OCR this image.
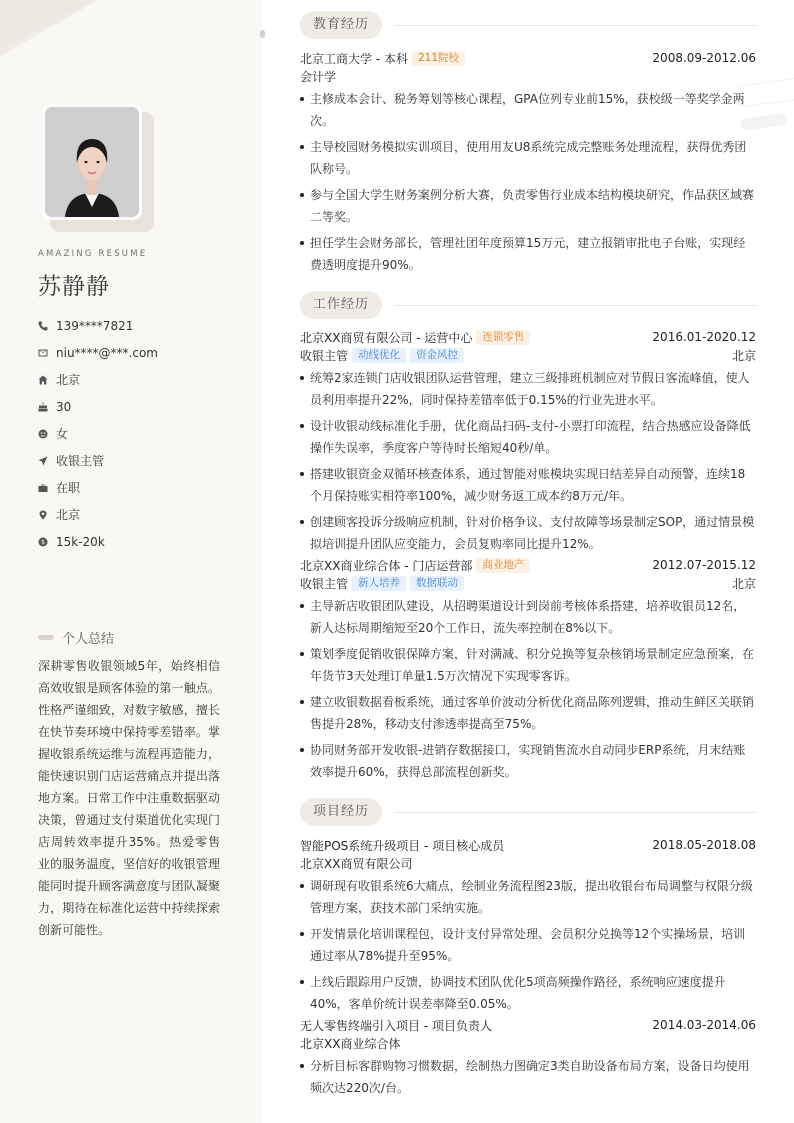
AMAZING RESUME
苏静静
139****7821
niu****@***.com
北京
30
女
收银主管
在职
北京
$ 15k-20k
个人总结
深耕零售收银领域5年，始终相信高效收银是顾客体验的第一触点。性格严谨细致，对数字敏感，擅长在快节奏环境中保持零差错率。掌握收银系统运维与流程再造能力，能快速识别门店运营痛点并提出落地方案。日常工作中注重数据驱动决策，曾通过支付渠道优化实现门店周转效率提升35%。热爱零售业的服务温度，坚信好的收银管理能同时提升顾客满意度与团队凝聚力，期待在标准化运营中持续探索创新可能性。
教育经历
北京工商大学 - 本科 211院校	2008.09-2012.06
会计学
主修成本会计、税务筹划等核心课程，GPA位列专业前15%，获校级一等奖学金两次。
主导校园财务模拟实训项目，使用用友U8系统完成完整账务处理流程，获得优秀团队称号。
参与全国大学生财务案例分析大赛，负责零售行业成本结构模块研究，作品获区域赛二等奖。
担任学生会财务部长，管理社团年度预算15万元，建立报销审批电子台账，实现经费透明度提升90%。
工作经历
北京XX商贸有限公司 - 运营中心 连锁零售	2016.01-2020.12
收银主管 动线优化	资金风控	北京
统筹2家连锁门店收银团队运营管理，建立三级排班机制应对节假日客流峰值，使人员利用率提升22%，同时保持差错率低于0.15%的行业先进水平。
设计收银动线标准化手册，优化商品扫码-支付-小票打印流程，结合热感应设备降低操作失误率，季度客户等待时长缩短40秒/单。
搭建收银资金双循环核查体系，通过智能对账模块实现日结差异自动预警，连续18个月保持账实相符率100%，减少财务返工成本约8万元/年。
创建顾客投诉分级响应机制，针对价格争议、支付故障等场景制定SOP，通过情景模拟培训提升团队应变能力，会员复购率同比提升12%。
北京XX商业综合体 - 门店运营部 商业地产	2012.07-2015.12
收银主管 新人培养	数据联动	北京
主导新店收银团队建设，从招聘渠道设计到岗前考核体系搭建，培养收银员12名，新人达标周期缩短至20个工作日，流失率控制在8%以下。
策划季度促销收银保障方案，针对满减、积分兑换等复杂核销场景制定应急预案，在年货节3天处理订单量1.5万次情况下实现零客诉。
建立收银数据看板系统，通过客单价波动分析优化商品陈列逻辑，推动生鲜区关联销售提升28%，移动支付渗透率提高至75%。
协同财务部开发收银-进销存数据接口，实现销售流水自动同步ERP系统，月末结账效率提升60%，获得总部流程创新奖。
项目经历
智能POS系统升级项目 - 项目核心成员	2018.05-2018.08
北京XX商贸有限公司
调研现有收银系统6大痛点，绘制业务流程图23版，提出收银台布局调整与权限分级管理方案，获技术部门采纳实施。
开发情景化培训课程包，设计支付异常处理、会员积分兑换等12个实操场景，培训通过率从78%提升至95%。
上线后跟踪用户反馈，协调技术团队优化5项高频操作路径，系统响应速度提升40%，客单价统计误差率降至0.05%。
无人零售终端引入项目 - 项目负责人	2014.03-2014.06
北京XX商业综合体
分析目标客群购物习惯数据，绘制热力图确定3类自助设备布局方案，设备日均使用频次达220次/台。
